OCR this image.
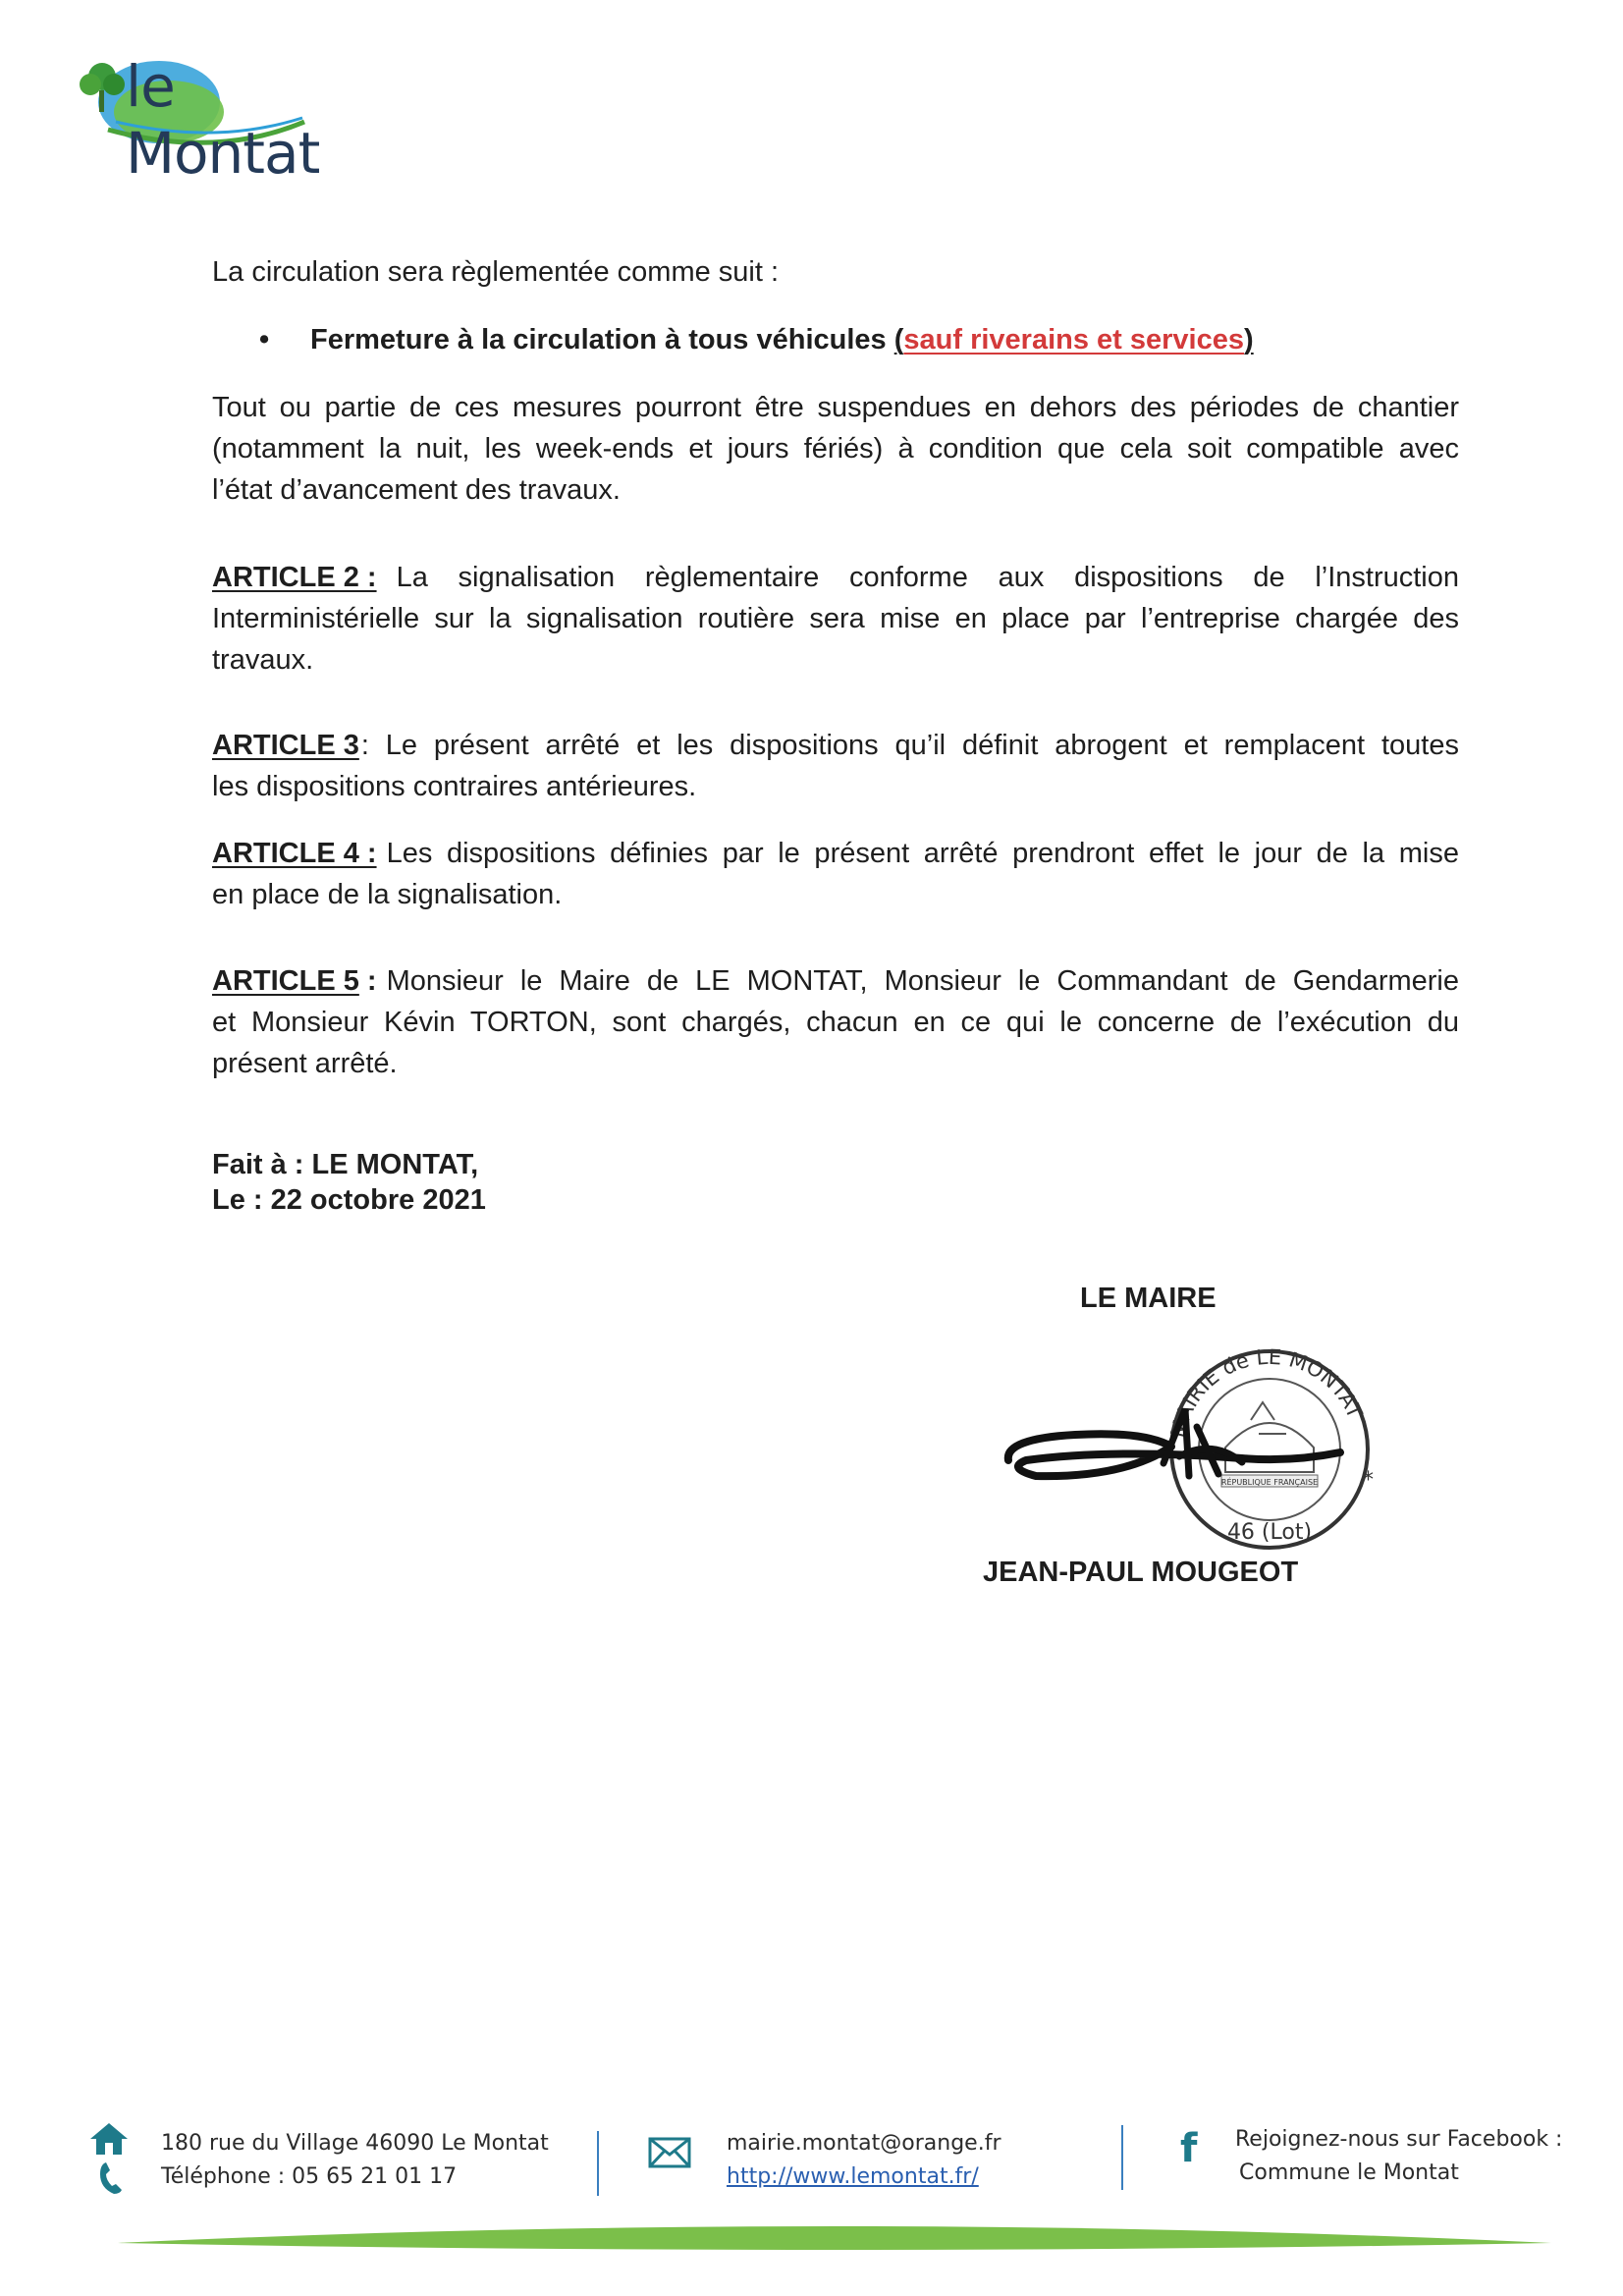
le Montat
La circulation sera règlementée comme suit :
• Fermeture à la circulation à tous véhicules (sauf riverains et services)
Tout ou partie de ces mesures pourront être suspendues en dehors des périodes de chantier
(notamment la nuit, les week-ends et jours fériés) à condition que cela soit compatible avec
l’état d’avancement des travaux.
ARTICLE 2 : La signalisation règlementaire conforme aux dispositions de l’Instruction
Interministérielle sur la signalisation routière sera mise en place par l’entreprise chargée des
travaux.
ARTICLE 3 : Le présent arrêté et les dispositions qu’il définit abrogent et remplacent toutes
les dispositions contraires antérieures.
ARTICLE 4 : Les dispositions définies par le présent arrêté prendront effet le jour de la mise
en place de la signalisation.
ARTICLE 5 : Monsieur le Maire de LE MONTAT, Monsieur le Commandant de Gendarmerie
et Monsieur Kévin TORTON, sont chargés, chacun en ce qui le concerne de l’exécution du
présent arrêté.
Fait à : LE MONTAT,
Le : 22 octobre 2021
LE MAIRE
MAIRIE de LE MONTAT
46 (Lot)
RÉPUBLIQUE FRANÇAISE *
JEAN-PAUL MOUGEOT
180 rue du Village 46090 Le Montat
Téléphone : 05 65 21 01 17
mairie.montat@orange.fr
http://www.lemontat.fr/
f Rejoignez-nous sur Facebook :
Commune le Montat
